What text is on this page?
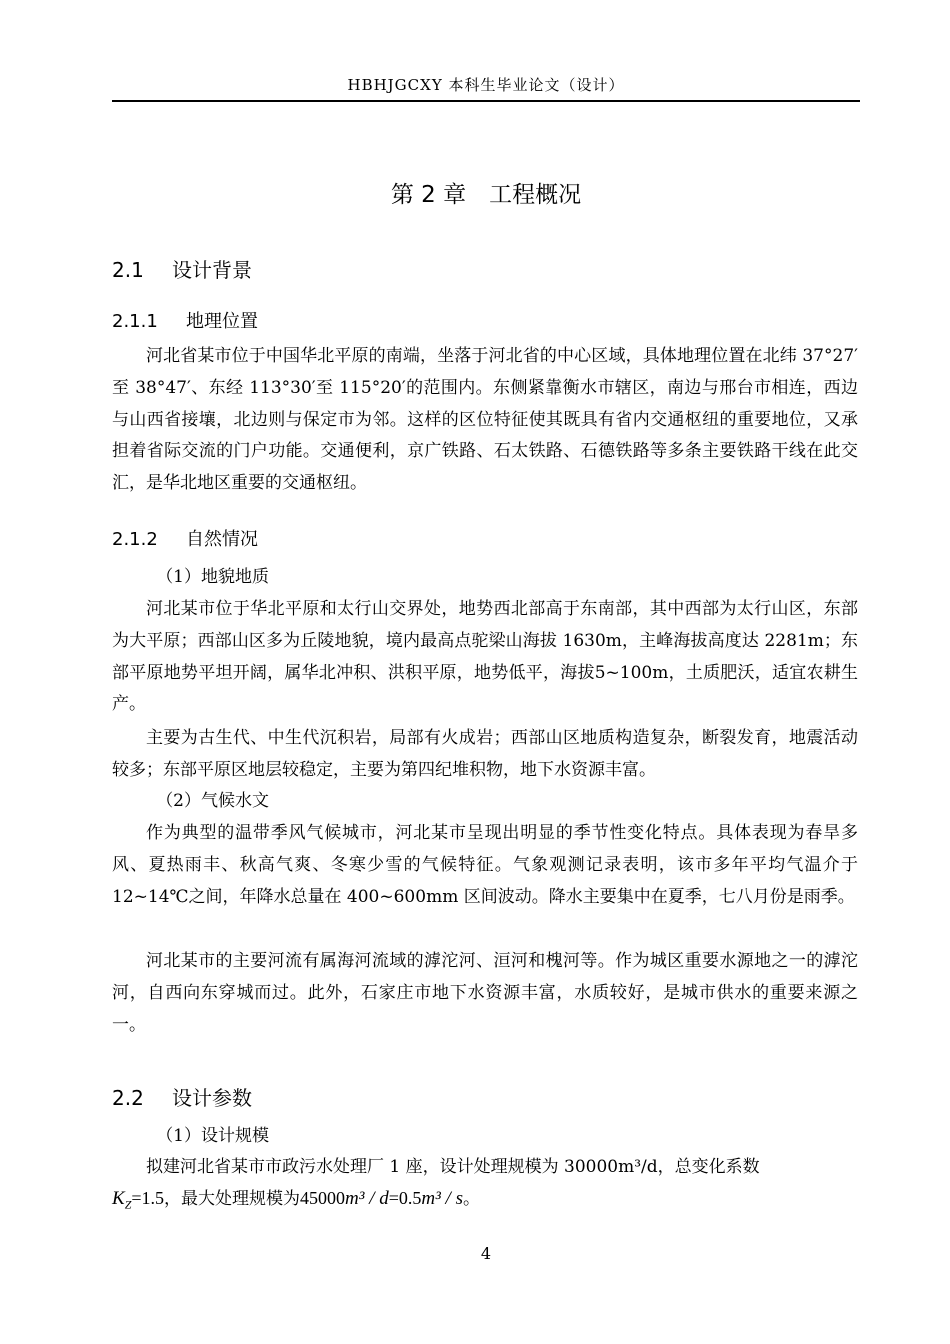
HBHJGCXY 本科生毕业论文（设计）
第 2 章　工程概况
2.1 设计背景
2.1.1 地理位置

河北省某市位于中国华北平原的南端，坐落于河北省的中心区域，具体地理位置在北纬 37°27′至 38°47′、东经 113°30′至 115°20′的范围内。东侧紧靠衡水市辖区，南边与邢台市相连，西边与山西省接壤，北边则与保定市为邻。这样的区位特征使其既具有省内交通枢纽的重要地位，又承担着省际交流的门户功能。交通便利，京广铁路、石太铁路、石德铁路等多条主要铁路干线在此交汇，是华北地区重要的交通枢纽。

2.1.2 自然情况

（1）地貌地质

河北某市位于华北平原和太行山交界处，地势西北部高于东南部，其中西部为太行山区，东部为大平原；西部山区多为丘陵地貌，境内最高点驼梁山海拔 1630m，主峰海拔高度达 2281m；东部平原地势平坦开阔，属华北冲积、洪积平原，地势低平，海拔5~100m，土质肥沃，适宜农耕生产。

主要为古生代、中生代沉积岩，局部有火成岩；西部山区地质构造复杂，断裂发育，地震活动较多；东部平原区地层较稳定，主要为第四纪堆积物，地下水资源丰富。

（2）气候水文

作为典型的温带季风气候城市，河北某市呈现出明显的季节性变化特点。具体表现为春旱多风、夏热雨丰、秋高气爽、冬寒少雪的气候特征。气象观测记录表明，该市多年平均气温介于 12~14℃之间，年降水总量在 400~600mm 区间波动。降水主要集中在夏季，七八月份是雨季。

河北某市的主要河流有属海河流域的滹沱河、洹河和槐河等。作为城区重要水源地之一的滹沱河，自西向东穿城而过。此外，石家庄市地下水资源丰富，水质较好，是城市供水的重要来源之一。

2.2 设计参数

（1）设计规模

拟建河北省某市市政污水处理厂 1 座，设计处理规模为 30000m³/d，总变化系数

$K_Z=1.5$，最大处理规模为45000m³ / d=0.5m³ / s。
4
